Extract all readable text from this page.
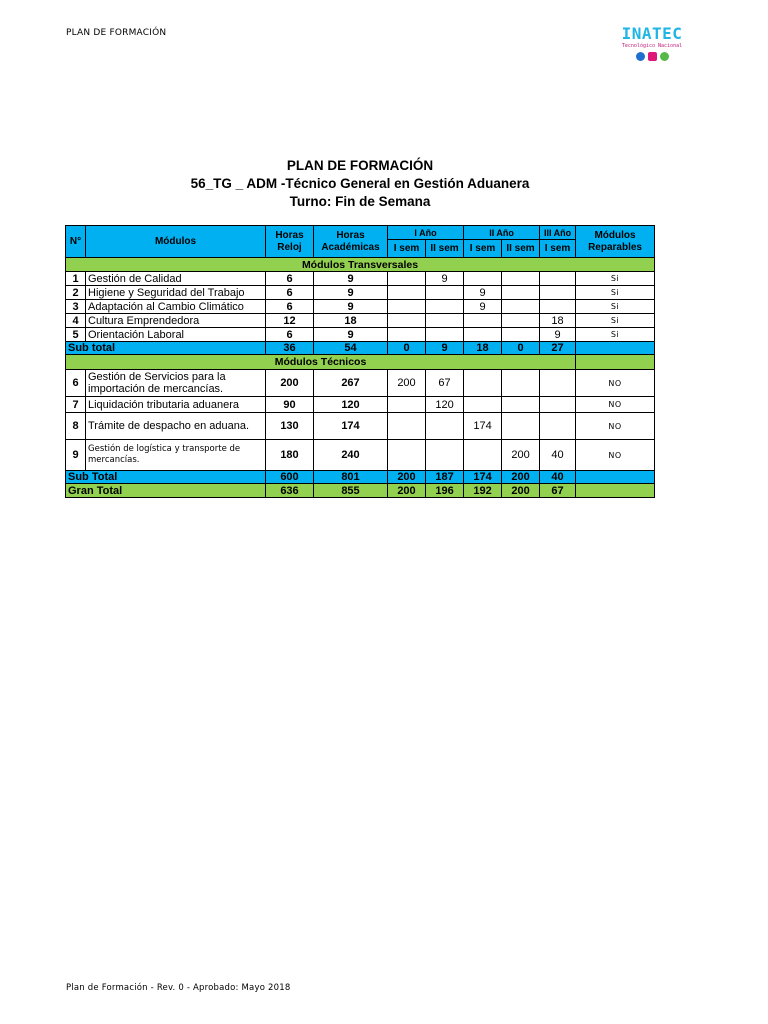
PLAN DE FORMACIÓN	INATEC
Tecnológico Nacional
PLAN DE FORMACIÓN
56_TG _ ADM -Técnico General en Gestión Aduanera
Turno: Fin de Semana
N°	Módulos	Horas Reloj	Horas Académicas	I Año		II Año		III Año	Módulos Reparables
				I sem	II sem	I sem	II sem	I sem	
Módulos Transversales									
1	Gestión de Calidad	6	9		9				Si
2	Higiene y Seguridad del Trabajo	6	9			9			Si
3	Adaptación al Cambio Climático	6	9			9			Si
4	Cultura Emprendedora	12	18					18	Si
5	Orientación Laboral	6	9					9	Si
Sub total		36	54	0	9	18	0	27	
Módulos Técnicos									
6	Gestión de Servicios para la importación de mercancías.	200	267	200	67				NO
7	Liquidación tributaria aduanera	90	120		120				NO
8	Trámite de despacho en aduana.	130	174			174			NO
9	Gestión de logística y transporte de mercancías.	180	240				200	40	NO
Sub Total		600	801	200	187	174	200	40	
Gran Total		636	855	200	196	192	200	67	
Plan de Formación - Rev. 0 - Aprobado: Mayo 2018
